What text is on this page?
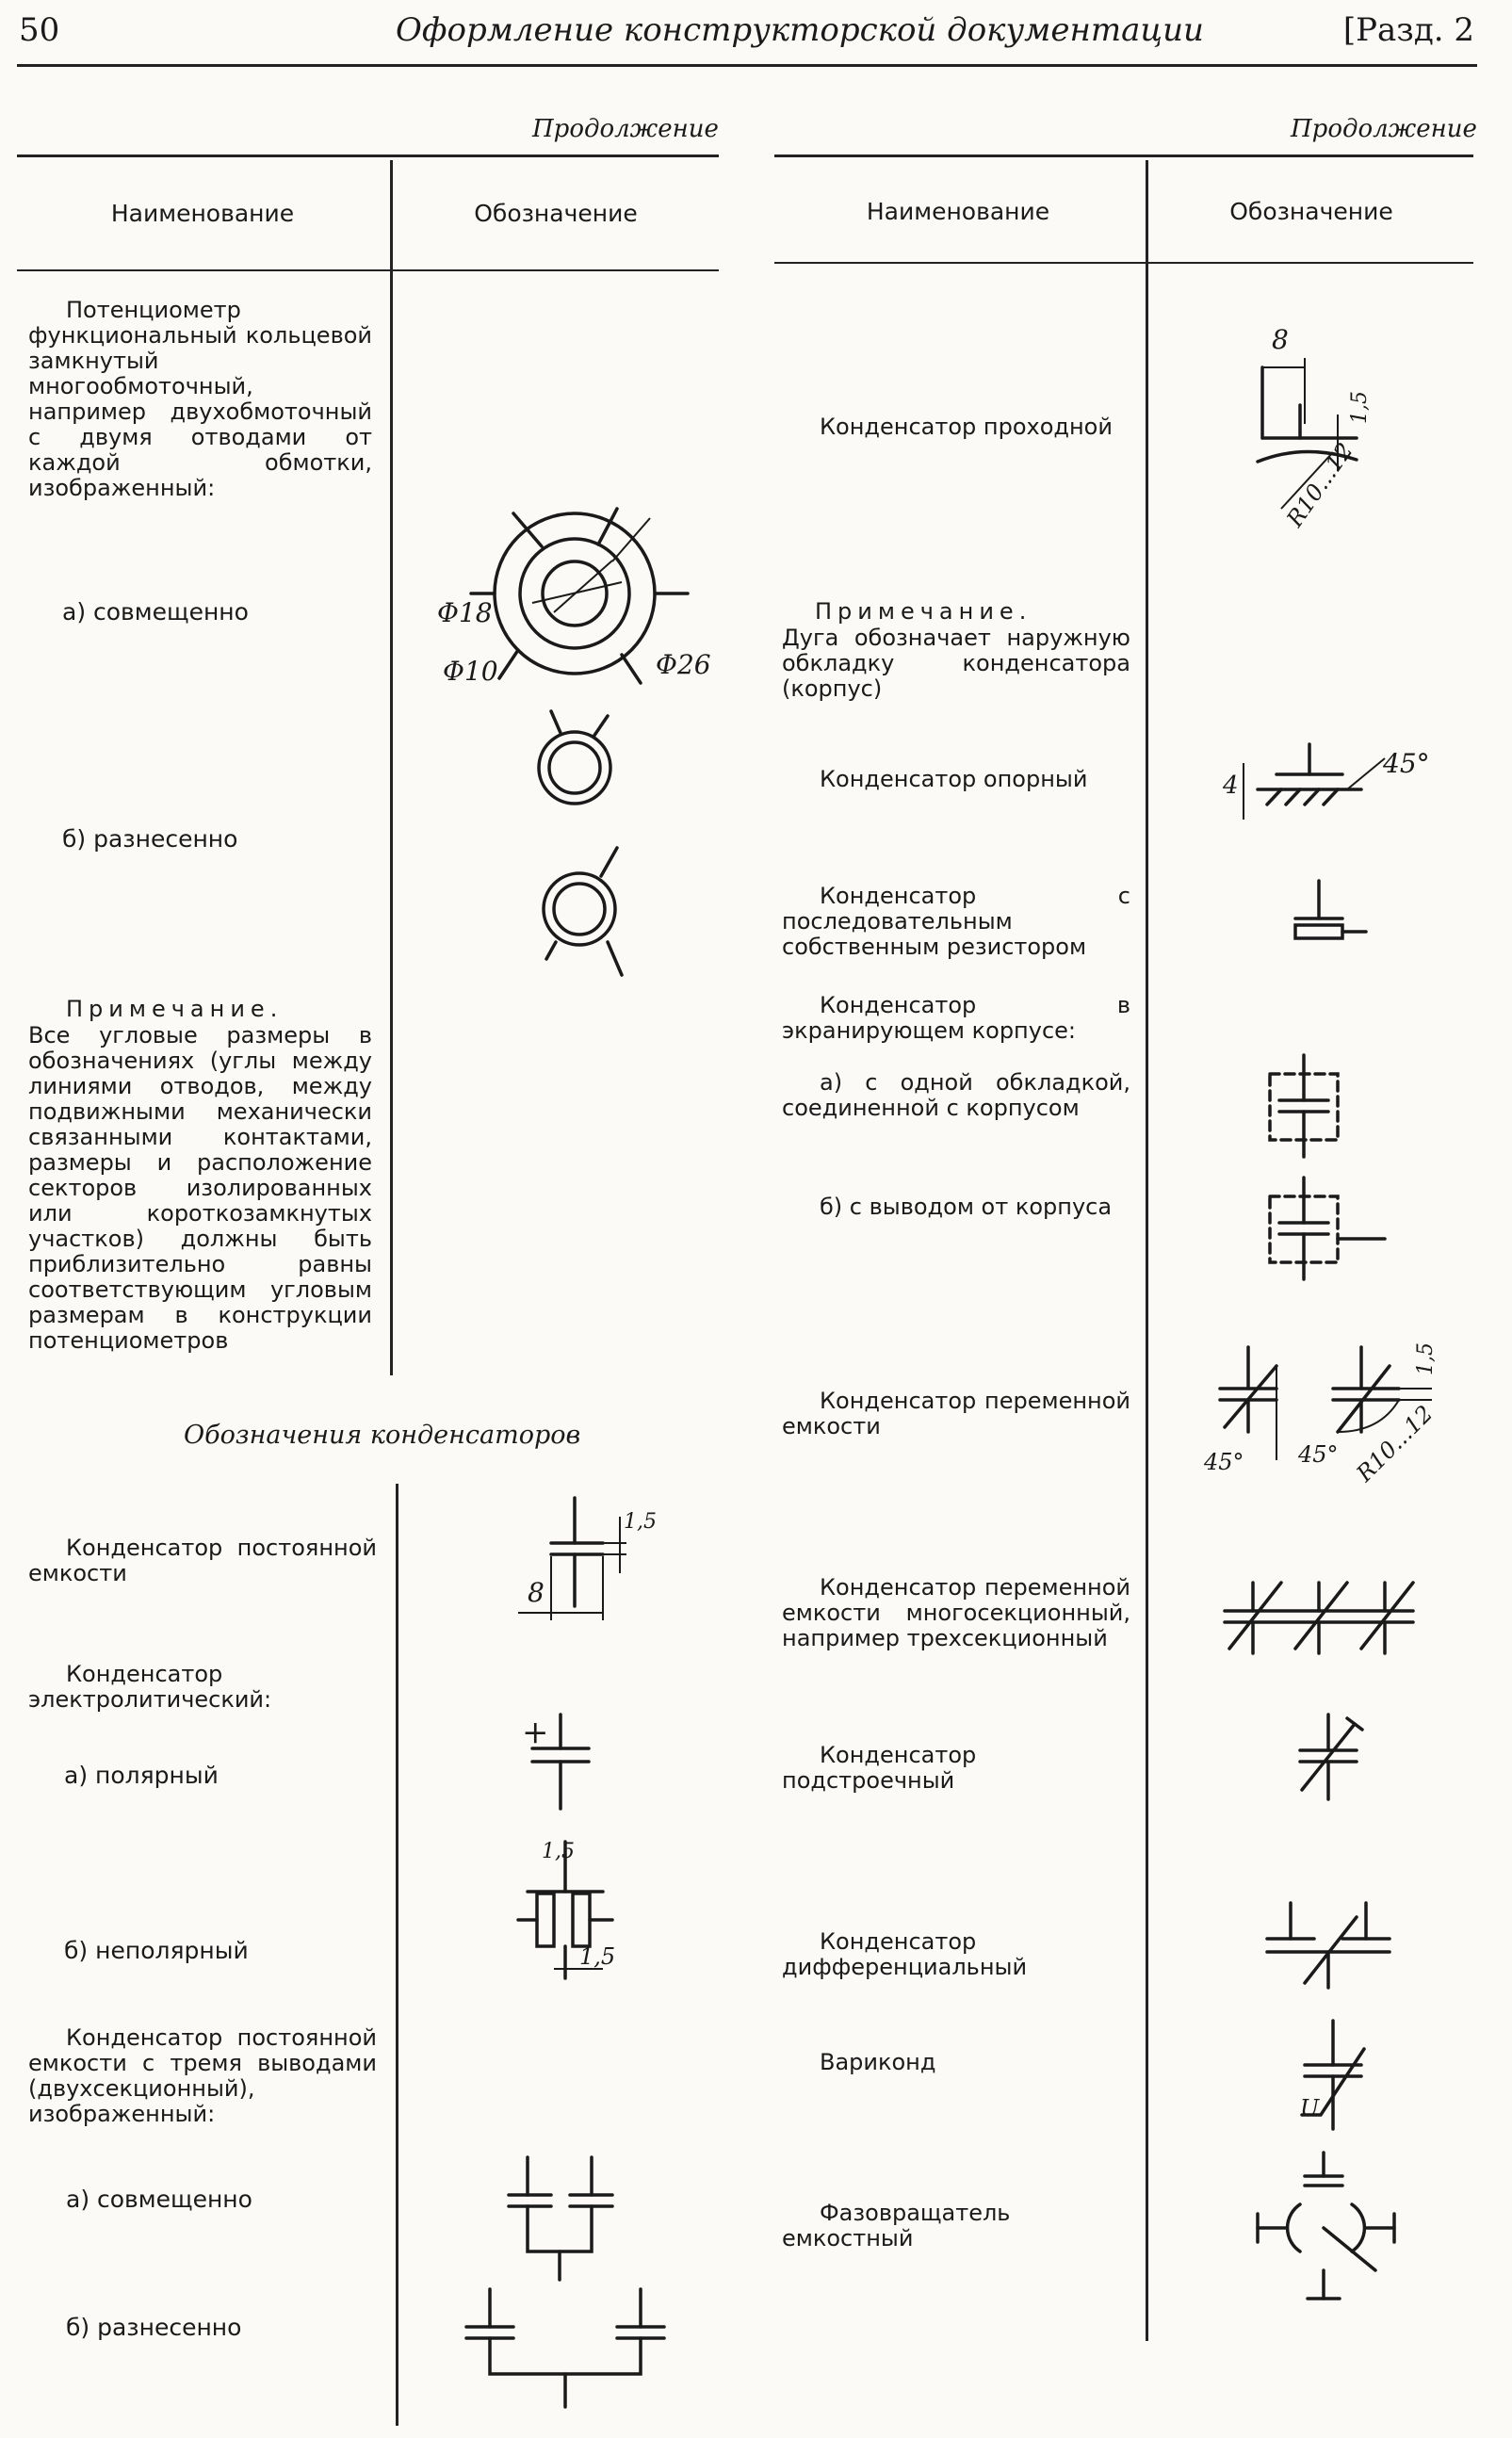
50	Оформление конструкторской документации	[Разд. 2
Продолжение	Продолжение
Наименование	Обозначение	Наименование	Обозначение
Потенциометр функциональный кольцевой замкнутый многообмоточный, например двухобмоточный с двумя отводами от каждой обмотки, изображенный:
а) совмещенно
б) разнесенно
Примечание.
Все угловые размеры в обозначениях (углы между линиями отводов, между подвижными механически связанными контактами, размеры и расположение секторов изолированных или короткозамкнутых участков) должны быть приблизительно равны соответствующим угловым размерам в конструкции потенциометров
Обозначения конденсаторов
Конденсатор постоянной емкости
Конденсатор электролитический:
а) полярный
б) неполярный
Конденсатор постоянной емкости с тремя выводами (двухсекционный), изображенный:
а) совмещенно
б) разнесенно
Конденсатор проходной
Примечание.
Дуга обозначает наружную обкладку конденсатора (корпус)
Конденсатор опорный
Конденсатор с последовательным собственным резистором
Конденсатор в экранирующем корпусе:
а) с одной обкладкой, соединенной с корпусом
б) с выводом от корпуса
Конденсатор переменной емкости
Конденсатор переменной емкости многосекционный, например трехсекционный
Конденсатор подстроечный
Конденсатор дифференциальный
Вариконд
Фазовращатель емкостный
Φ18
Φ10	Φ26
1,5
8
+
1,5
1,5
8
1,5
R10...12
4
45°
45° 45°
1,5
R10...12
U
